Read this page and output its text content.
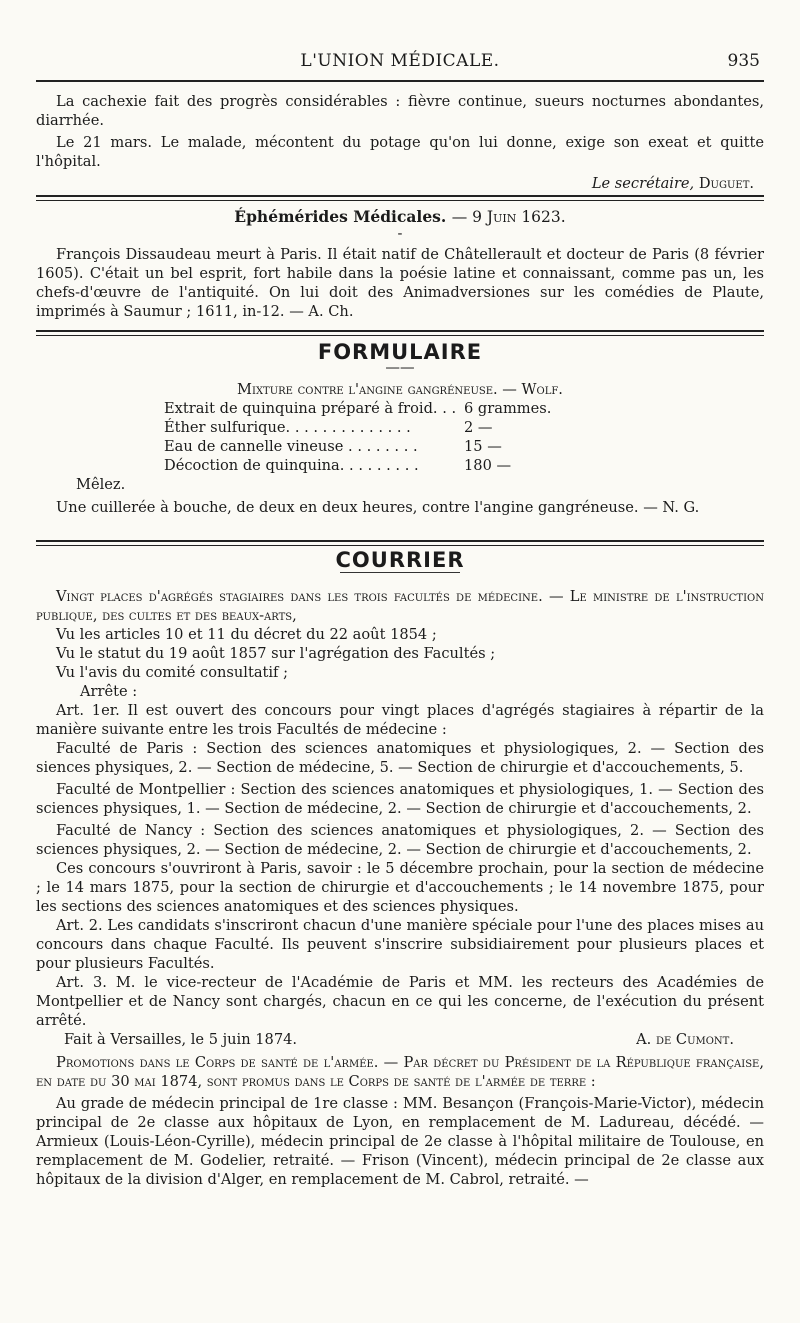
L'UNION MÉDICALE.	935

La cachexie fait des progrès considérables : fièvre continue, sueurs nocturnes abondantes, diarrhée.

Le 21 mars. Le malade, mécontent du potage qu'on lui donne, exige son exeat et quitte l'hôpital.

Le secrétaire, Duguet.

Éphémérides Médicales. — 9 Juin 1623.
-

François Dissaudeau meurt à Paris. Il était natif de Châtellerault et docteur de Paris (8 février 1605). C'était un bel esprit, fort habile dans la poésie latine et connaissant, comme pas un, les chefs-d'œuvre de l'antiquité. On lui doit des Animadversiones sur les comédies de Plaute, imprimés à Saumur ; 1611, in-12. — A. Ch.

FORMULAIRE
——
Mixture contre l'angine gangréneuse. — Wolf.
Extrait de quinquina préparé à froid. . . 6 grammes.
Éther sulfurique. . . . . . . . . . . . . .	2 —
Eau de cannelle vineuse . . . . . . . .	15 —
Décoction de quinquina. . . . . . . . .	180 —

Mêlez.

Une cuillerée à bouche, de deux en deux heures, contre l'angine gangréneuse. — N. G.

COURRIER

Vingt places d'agrégés stagiaires dans les trois facultés de médecine. — Le ministre de l'instruction publique, des cultes et des beaux-arts,

Vu les articles 10 et 11 du décret du 22 août 1854 ;

Vu le statut du 19 août 1857 sur l'agrégation des Facultés ;

Vu l'avis du comité consultatif ;

Arrête :

Art. 1er. Il est ouvert des concours pour vingt places d'agrégés stagiaires à répartir de la manière suivante entre les trois Facultés de médecine :

Faculté de Paris : Section des sciences anatomiques et physiologiques, 2. — Section des siences physiques, 2. — Section de médecine, 5. — Section de chirurgie et d'accouchements, 5.

Faculté de Montpellier : Section des sciences anatomiques et physiologiques, 1. — Section des sciences physiques, 1. — Section de médecine, 2. — Section de chirurgie et d'accouchements, 2.

Faculté de Nancy : Section des sciences anatomiques et physiologiques, 2. — Section des sciences physiques, 2. — Section de médecine, 2. — Section de chirurgie et d'accouchements, 2.

Ces concours s'ouvriront à Paris, savoir : le 5 décembre prochain, pour la section de médecine ; le 14 mars 1875, pour la section de chirurgie et d'accouchements ; le 14 novembre 1875, pour les sections des sciences anatomiques et des sciences physiques.

Art. 2. Les candidats s'inscriront chacun d'une manière spéciale pour l'une des places mises au concours dans chaque Faculté. Ils peuvent s'inscrire subsidiairement pour plusieurs places et pour plusieurs Facultés.

Art. 3. M. le vice-recteur de l'Académie de Paris et MM. les recteurs des Académies de Montpellier et de Nancy sont chargés, chacun en ce qui les concerne, de l'exécution du présent arrêté.

Fait à Versailles, le 5 juin 1874.	A. de Cumont.

Promotions dans le Corps de santé de l'armée. — Par décret du Président de la République française, en date du 30 mai 1874, sont promus dans le Corps de santé de l'armée de terre :

Au grade de médecin principal de 1re classe : MM. Besançon (François-Marie-Victor), médecin principal de 2e classe aux hôpitaux de Lyon, en remplacement de M. Ladureau, décédé. — Armieux (Louis-Léon-Cyrille), médecin principal de 2e classe à l'hôpital militaire de Toulouse, en remplacement de M. Godelier, retraité. — Frison (Vincent), médecin principal de 2e classe aux hôpitaux de la division d'Alger, en remplacement de M. Cabrol, retraité. —
